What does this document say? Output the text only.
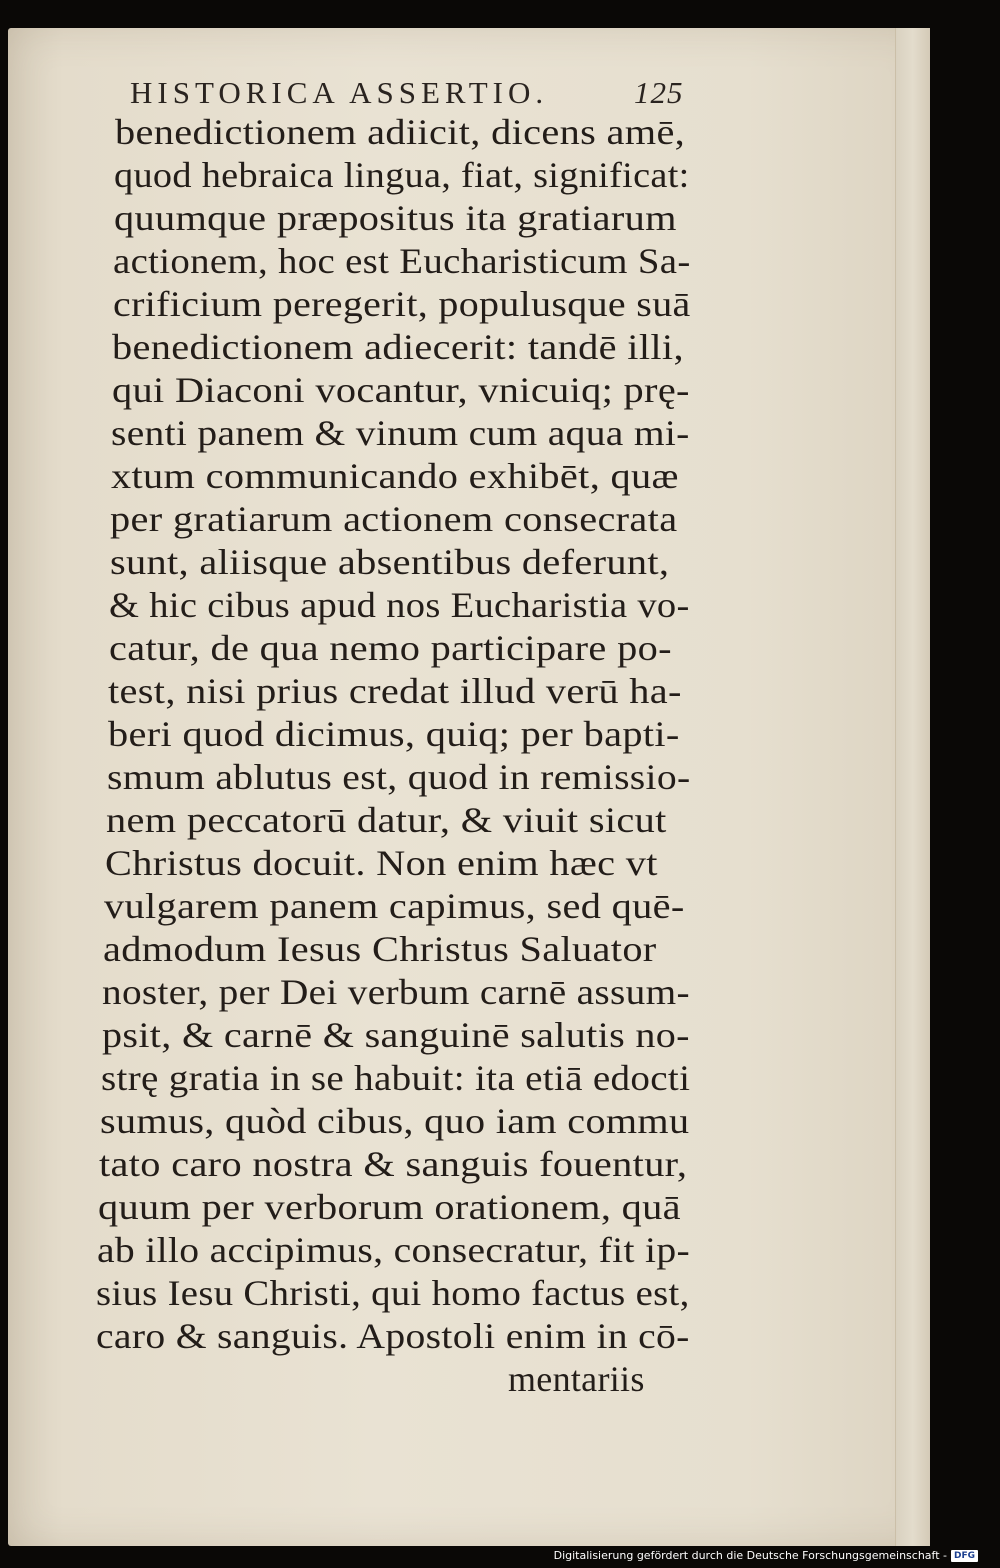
HISTORICA ASSERTIO.	125
benedictionem adiicit, dicens amē,
quod hebraica lingua, fiat, significat:
quumque præpositus ita gratiarum
actionem, hoc est Eucharisticum Sa-
crificium peregerit, populusque suā
benedictionem adiecerit: tandē illi,
qui Diaconi vocantur, vnicuiq; prę-
senti panem & vinum cum aqua mi-
xtum communicando exhibēt, quæ
per gratiarum actionem consecrata
sunt, aliisque absentibus deferunt,
& hic cibus apud nos Eucharistia vo-
catur, de qua nemo participare po-
test, nisi prius credat illud verū ha-
beri quod dicimus, quiq; per bapti-
smum ablutus est, quod in remissio-
nem peccatorū datur, & viuit sicut
Christus docuit. Non enim hæc vt
vulgarem panem capimus, sed quē-
admodum Iesus Christus Saluator
noster, per Dei verbum carnē assum-
psit, & carnē & sanguinē salutis no-
strę gratia in se habuit: ita etiā edocti
sumus, quòd cibus, quo iam commu
tato caro nostra & sanguis fouentur,
quum per verborum orationem, quā
ab illo accipimus, consecratur, fit ip-
sius Iesu Christi, qui homo factus est,
caro & sanguis. Apostoli enim in cō-
mentariis
Digitalisierung gefördert durch die Deutsche Forschungsgemeinschaft - DFG
